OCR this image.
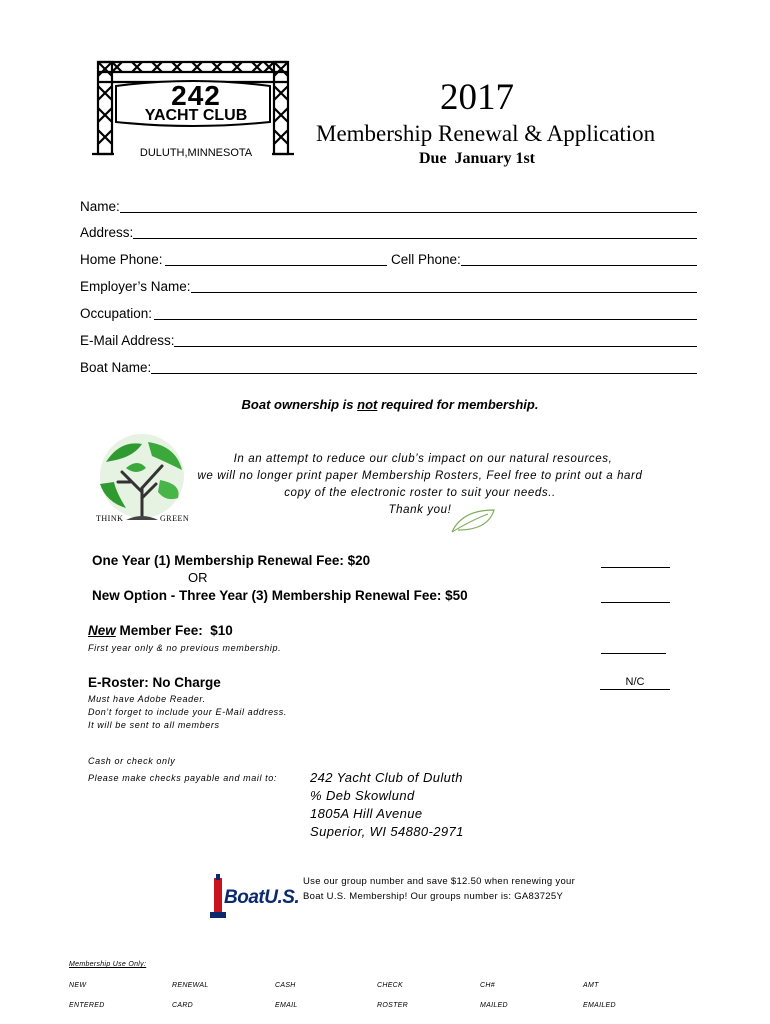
242
YACHT CLUB
DULUTH,MINNESOTA
2017
Membership Renewal & Application
Due  January 1st
Name:
Address:
Home Phone:	Cell Phone:
Employer’s Name:
Occupation:
E-Mail Address:
Boat Name:
Boat ownership is not required for membership.
THINK	GREEN
In an attempt to reduce our club’s impact on our natural resources,
we will no longer print paper Membership Rosters, Feel free to print out a hard
copy of the electronic roster to suit your needs..
Thank you!
One Year (1) Membership Renewal Fee: $20
OR
New Option - Three Year (3) Membership Renewal Fee: $50
New Member Fee:  $10
First year only & no previous membership.
E-Roster: No Charge	N/C
Must have Adobe Reader.
Don’t forget to include your E-Mail address.
It will be sent to all members
Cash or check only
Please make checks payable and mail to:	242 Yacht Club of Duluth
% Deb Skowlund
1805A Hill Avenue
Superior, WI 54880-2971
BoatU.S.
Use our group number and save $12.50 when renewing your
Boat U.S. Membership! Our groups number is: GA83725Y
Membership Use Only:
NEW	RENEWAL	CASH	CHECK	CH#	AMT
ENTERED	CARD	EMAIL	ROSTER	MAILED	EMAILED
